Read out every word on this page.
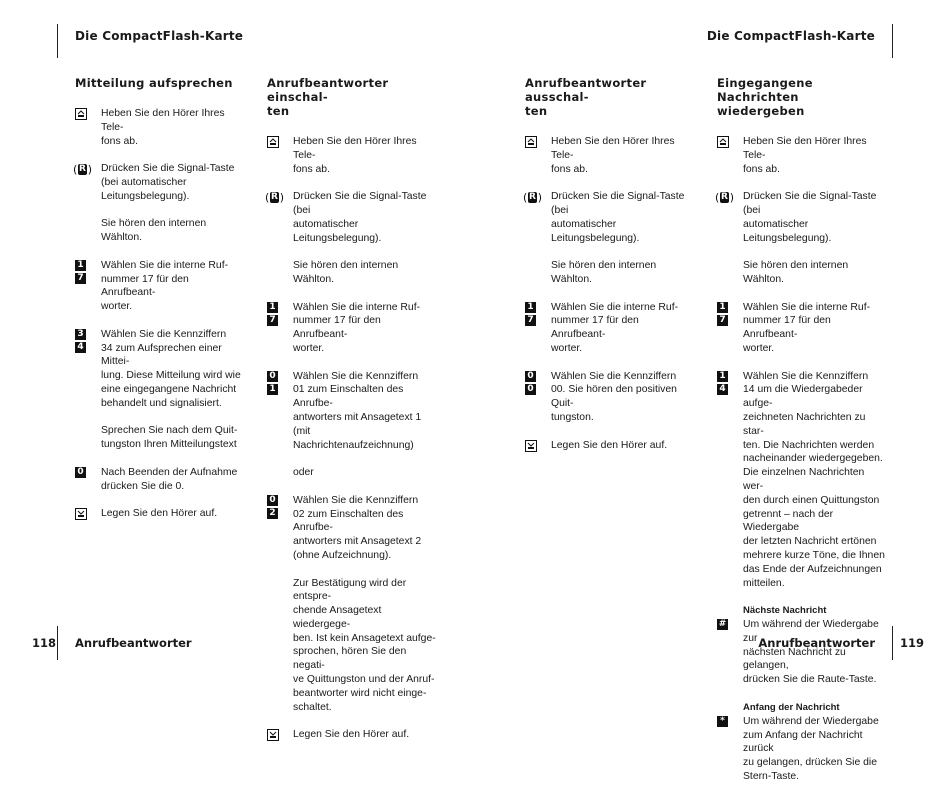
Die CompactFlash-Karte	Die CompactFlash-Karte
118 Anrufbeantworter	Anrufbeantworter 119
Mitteilung aufsprechen
Heben Sie den Hörer Ihres Tele-
fons ab.
( R ) Drücken Sie die Signal-Taste (bei automatischer Leitungsbelegung).
Sie hören den internen Wählton.
1
7
Wählen Sie die interne Ruf-
nummer 17 für den Anrufbeant-
worter.
3
4
Wählen Sie die Kennziffern
34 zum Aufsprechen einer Mittei-
lung. Diese Mitteilung wird wie
eine eingegangene Nachricht
behandelt und signalisiert.
Sprechen Sie nach dem Quit-
tungston Ihren Mitteilungstext
0 Nach Beenden der Aufnahme
drücken Sie die 0.
Legen Sie den Hörer auf.
Anrufbeantworter einschal-
ten
Heben Sie den Hörer Ihres Tele-
fons ab.
( R ) Drücken Sie die Signal-Taste (bei
automatischer Leitungsbelegung).
Sie hören den internen Wählton.
1
7
Wählen Sie die interne Ruf-
nummer 17 für den Anrufbeant-
worter.
0
1
Wählen Sie die Kennziffern
01 zum Einschalten des Anrufbe-
antworters mit Ansagetext 1 (mit
Nachrichtenaufzeichnung)
oder
0
2
Wählen Sie die Kennziffern
02 zum Einschalten des Anrufbe-
antworters mit Ansagetext 2
(ohne Aufzeichnung).
Zur Bestätigung wird der entspre-
chende Ansagetext wiedergege-
ben. Ist kein Ansagetext aufge-
sprochen, hören Sie den negati-
ve Quittungston und der Anruf-
beantworter wird nicht einge-
schaltet.
Legen Sie den Hörer auf.
Anrufbeantworter ausschal-
ten
Heben Sie den Hörer Ihres Tele-
fons ab.
( R ) Drücken Sie die Signal-Taste (bei
automatischer Leitungsbelegung).
Sie hören den internen Wählton.
1
7
Wählen Sie die interne Ruf-
nummer 17 für den Anrufbeant-
worter.
0
0
Wählen Sie die Kennziffern
00. Sie hören den positiven Quit-
tungston.
Legen Sie den Hörer auf.
Eingegangene Nachrichten
wiedergeben
Heben Sie den Hörer Ihres Tele-
fons ab.
( R ) Drücken Sie die Signal-Taste (bei
automatischer Leitungsbelegung).
Sie hören den internen Wählton.
1
7
Wählen Sie die interne Ruf-
nummer 17 für den Anrufbeant-
worter.
1
4
Wählen Sie die Kennziffern
14 um die Wiedergabeder aufge-
zeichneten Nachrichten zu star-
ten. Die Nachrichten werden
nacheinander wiedergegeben.
Die einzelnen Nachrichten wer-
den durch einen Quittungston
getrennt – nach der Wiedergabe
der letzten Nachricht ertönen
mehrere kurze Töne, die Ihnen
das Ende der Aufzeichnungen
mitteilen.
Nächste Nachricht
# Um während der Wiedergabe zur
nächsten Nachricht zu gelangen,
drücken Sie die Raute-Taste.
Anfang der Nachricht
*	Um während der Wiedergabe
zum Anfang der Nachricht zurück
zu gelangen, drücken Sie die
Stern-Taste.
